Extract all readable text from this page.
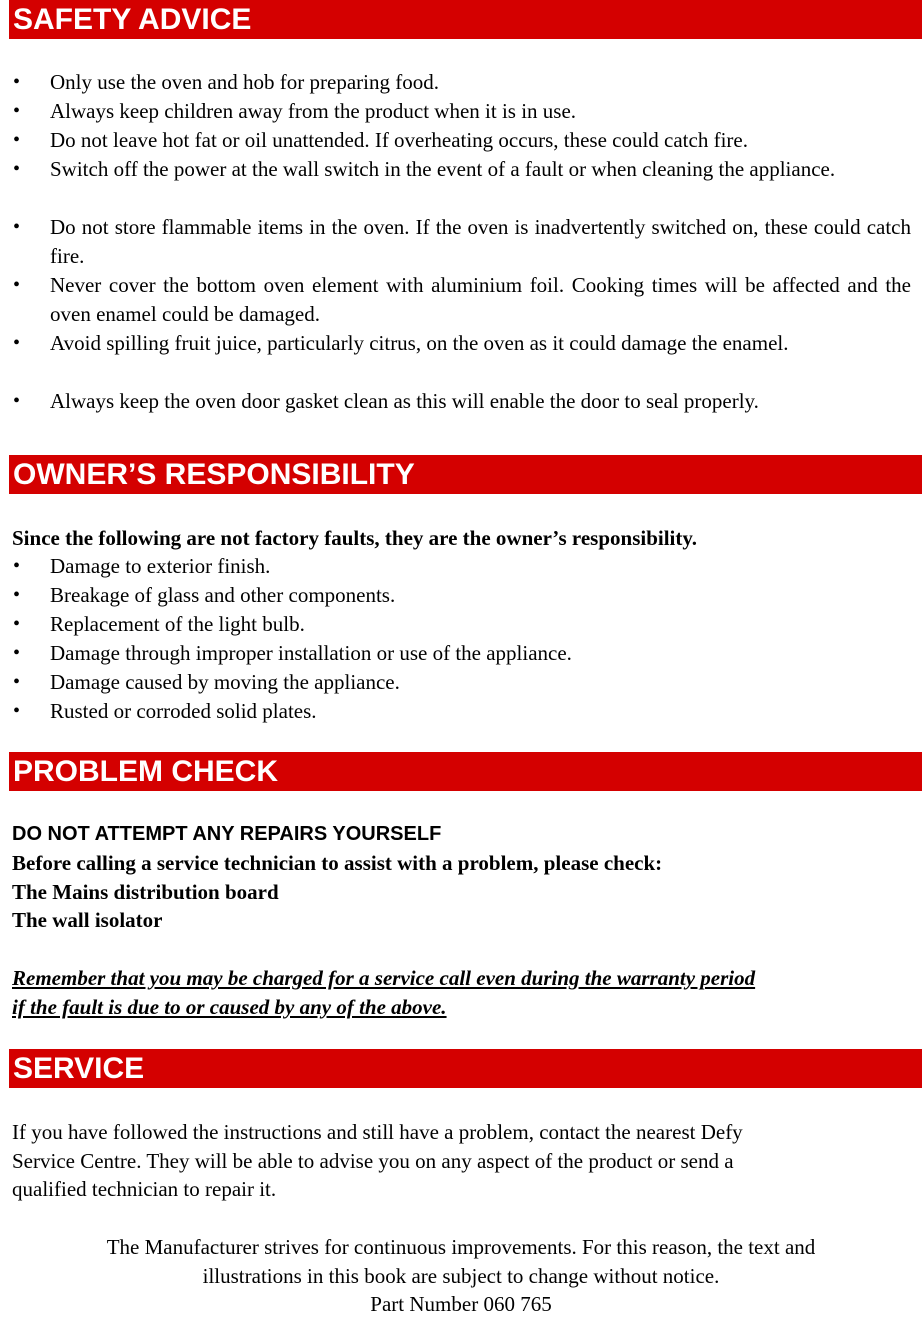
SAFETY ADVICE
• Only use the oven and hob for preparing food.
• Always keep children away from the product when it is in use.
• Do not leave hot fat or oil unattended. If overheating occurs, these could catch fire.
• Switch off the power at the wall switch in the event of a fault or when cleaning the appliance.
• Do not store flammable items in the oven. If the oven is inadvertently switched on, these could catch fire.
• Never cover the bottom oven element with aluminium foil. Cooking times will be affected and the oven enamel could be damaged.
• Avoid spilling fruit juice, particularly citrus, on the oven as it could damage the enamel.
• Always keep the oven door gasket clean as this will enable the door to seal properly.
OWNER’S RESPONSIBILITY
Since the following are not factory faults, they are the owner’s responsibility.
• Damage to exterior finish.
• Breakage of glass and other components.
• Replacement of the light bulb.
• Damage through improper installation or use of the appliance.
• Damage caused by moving the appliance.
• Rusted or corroded solid plates.
PROBLEM CHECK
DO NOT ATTEMPT ANY REPAIRS YOURSELF
Before calling a service technician to assist with a problem, please check:
The Mains distribution board
The wall isolator
Remember that you may be charged for a service call even during the warranty period
if the fault is due to or caused by any of the above.
SERVICE
If you have followed the instructions and still have a problem, contact the nearest Defy
Service Centre. They will be able to advise you on any aspect of the product or send a
qualified technician to repair it.
The Manufacturer strives for continuous improvements. For this reason, the text and
illustrations in this book are subject to change without notice.
Part Number 060 765
